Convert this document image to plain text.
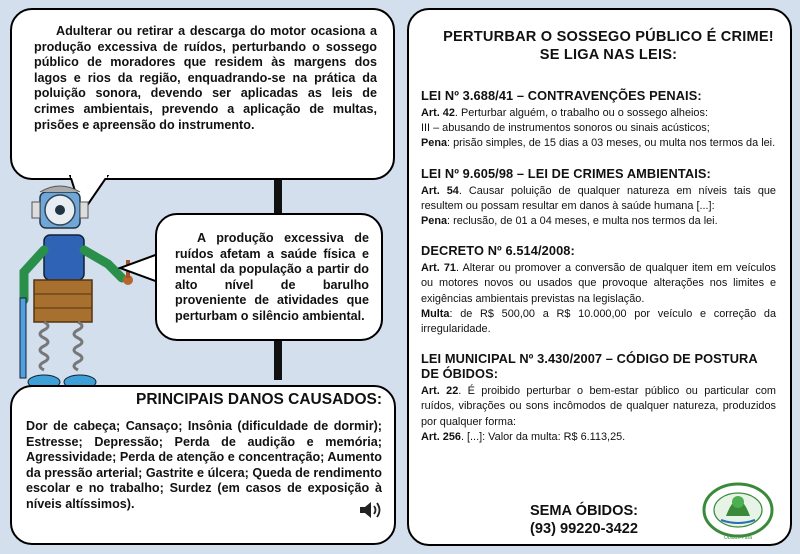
Adulterar ou retirar a descarga do motor ocasiona a produção excessiva de ruídos, perturbando o sossego público de moradores que residem às margens dos lagos e rios da região, enquadrando-se na prática da poluição sonora, devendo ser aplicadas as leis de crimes ambientais, prevendo a aplicação de multas, prisões e apreensão do instrumento.
A produção excessiva de ruídos afetam a saúde física e mental da população a partir do alto nível de barulho proveniente de atividades que perturbam o silêncio ambiental.
PRINCIPAIS DANOS CAUSADOS:

Dor de cabeça; Cansaço; Insônia (dificuldade de dormir); Estresse; Depressão; Perda de audição e memória; Agressividade; Perda de atenção e concentração; Aumento da pressão arterial; Gastrite e úlcera; Queda de rendimento escolar e no trabalho; Surdez (em casos de exposição à níveis altíssimos).

PERTURBAR O SOSSEGO PÚBLICO É CRIME! SE LIGA NAS LEIS:
LEI Nº 3.688/41 – CONTRAVENÇÕES PENAIS:

Art. 42. Perturbar alguém, o trabalho ou o sossego alheios:
III – abusando de instrumentos sonoros ou sinais acústicos;
Pena: prisão simples, de 15 dias a 03 meses, ou multa nos termos da lei.

LEI Nº 9.605/98 – LEI DE CRIMES AMBIENTAIS:

Art. 54. Causar poluição de qualquer natureza em níveis tais que resultem ou possam resultar em danos à saúde humana [...]:
Pena: reclusão, de 01 a 04 meses, e multa nos termos da lei.

DECRETO Nº 6.514/2008:

Art. 71. Alterar ou promover a conversão de qualquer item em veículos ou motores novos ou usados que provoque alterações nos limites e exigências ambientais previstas na legislação.
Multa: de R$ 500,00 a R$ 10.000,00 por veículo e correção da irregularidade.

LEI MUNICIPAL Nº 3.430/2007 – CÓDIGO DE POSTURA DE ÓBIDOS:

Art. 22. É proibido perturbar o bem-estar público ou particular com ruídos, vibrações ou sons incômodos de qualquer natureza, produzidos por qualquer forma:
Art. 256. [...]: Valor da multa: R$ 6.113,25.

SEMA ÓBIDOS:
(93) 99220-3422
Óbidos-Pará
